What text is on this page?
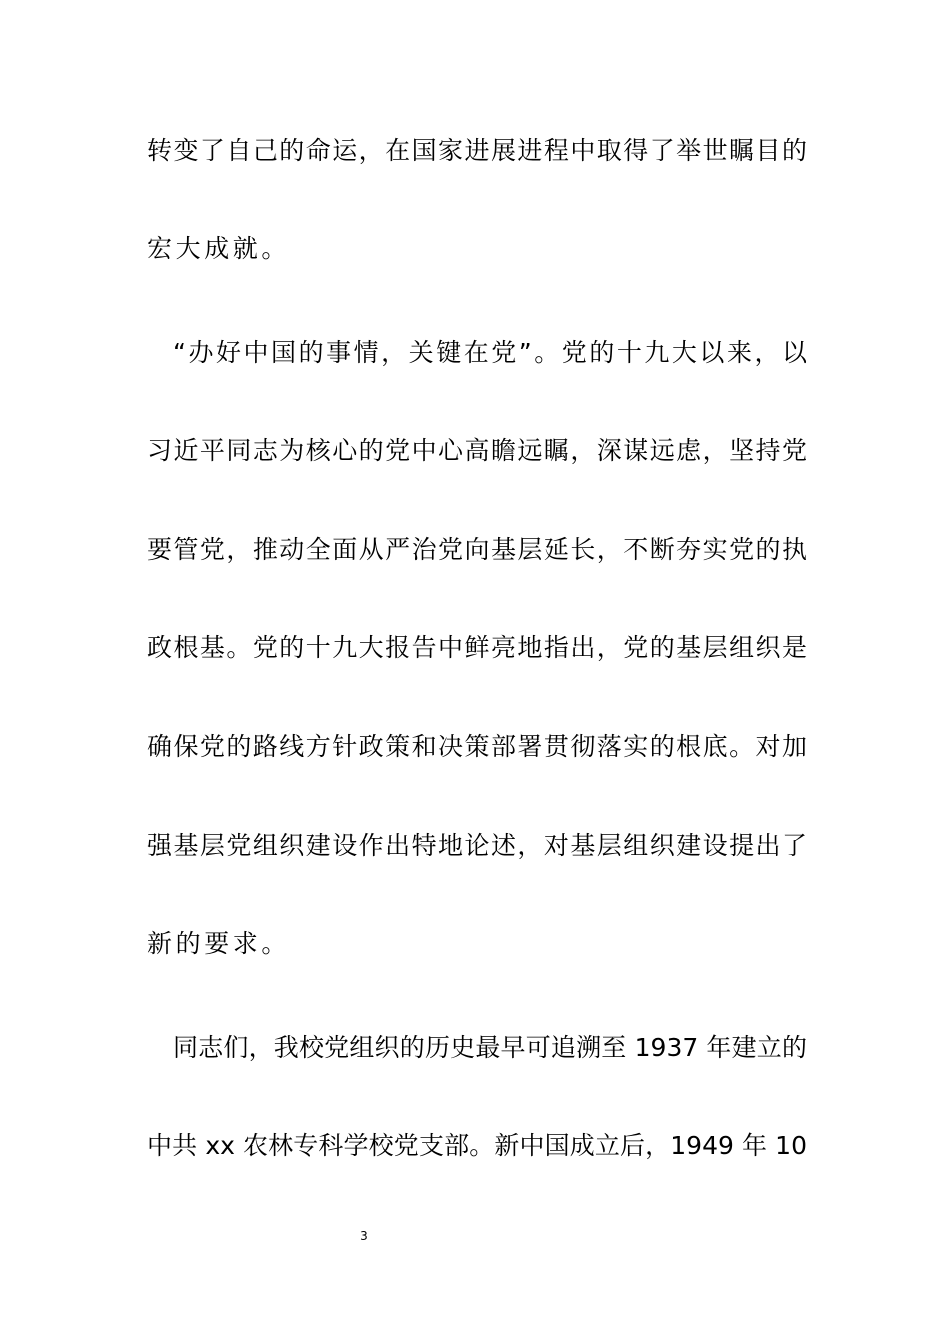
转变了自己的命运，在国家进展进程中取得了举世瞩目的
宏大成就。
“办好中国的事情，关键在党”。党的十九大以来，以
习近平同志为核心的党中心高瞻远瞩，深谋远虑，坚持党
要管党，推动全面从严治党向基层延长，不断夯实党的执
政根基。党的十九大报告中鲜亮地指出，党的基层组织是
确保党的路线方针政策和决策部署贯彻落实的根底。对加
强基层党组织建设作出特地论述，对基层组织建设提出了
新的要求。
同志们，我校党组织的历史最早可追溯至 1937 年建立的
中共 xx 农林专科学校党支部。新中国成立后，1949 年 10
3
